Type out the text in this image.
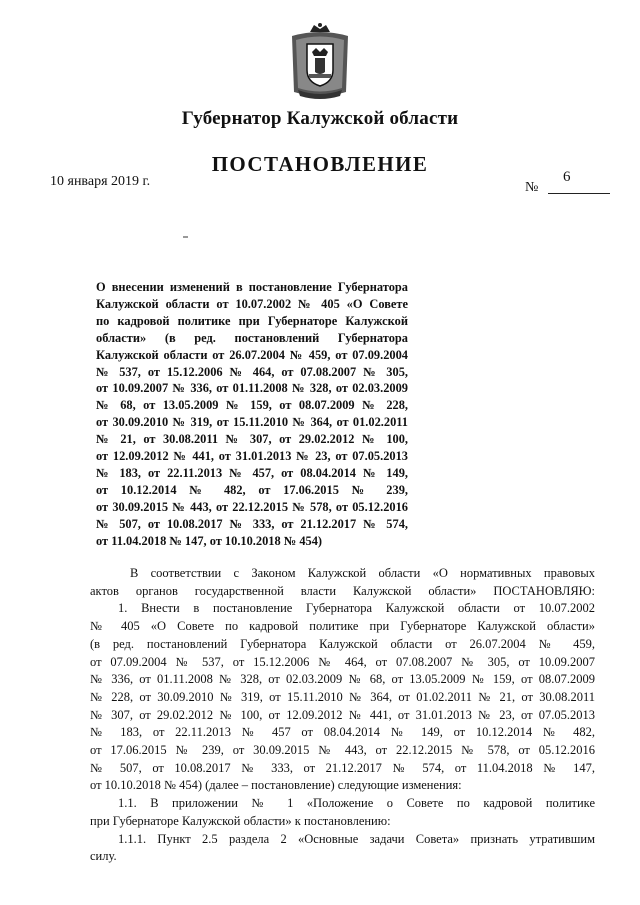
Губернатор Калужской области
ПОСТАНОВЛЕНИЕ
10 января 2019 г.	№
6
О внесении изменений в постановление Губернатора
Калужской области от 10.07.2002 № 405 «О Совете
по кадровой политике при Губернаторе Калужской
области» (в ред. постановлений Губернатора
Калужской области от 26.07.2004 № 459, от 07.09.2004
№ 537, от 15.12.2006 № 464, от 07.08.2007 № 305,
от 10.09.2007 № 336, от 01.11.2008 № 328, от 02.03.2009
№ 68, от 13.05.2009 № 159, от 08.07.2009 № 228,
от 30.09.2010 № 319, от 15.11.2010 № 364, от 01.02.2011
№ 21, от 30.08.2011 № 307, от 29.02.2012 № 100,
от 12.09.2012 № 441, от 31.01.2013 № 23, от 07.05.2013
№ 183, от 22.11.2013 № 457, от 08.04.2014 № 149,
от 10.12.2014 № 482, от 17.06.2015 № 239,
от 30.09.2015 № 443, от 22.12.2015 № 578, от 05.12.2016
№ 507, от 10.08.2017 № 333, от 21.12.2017 № 574,
от 11.04.2018 № 147, от 10.10.2018 № 454)
В соответствии с Законом Калужской области «О нормативных правовых
актов органов государственной власти Калужской области» ПОСТАНОВЛЯЮ:
1. Внести в постановление Губернатора Калужской области от 10.07.2002
№ 405 «О Совете по кадровой политике при Губернаторе Калужской области»
(в ред. постановлений Губернатора Калужской области от 26.07.2004 № 459,
от 07.09.2004 № 537, от 15.12.2006 № 464, от 07.08.2007 № 305, от 10.09.2007
№ 336, от 01.11.2008 № 328, от 02.03.2009 № 68, от 13.05.2009 № 159, от 08.07.2009
№ 228, от 30.09.2010 № 319, от 15.11.2010 № 364, от 01.02.2011 № 21, от 30.08.2011
№ 307, от 29.02.2012 № 100, от 12.09.2012 № 441, от 31.01.2013 № 23, от 07.05.2013
№ 183, от 22.11.2013 № 457 от 08.04.2014 № 149, от 10.12.2014 № 482,
от 17.06.2015 № 239, от 30.09.2015 № 443, от 22.12.2015 № 578, от 05.12.2016
№ 507, от 10.08.2017 № 333, от 21.12.2017 № 574, от 11.04.2018 № 147,
от 10.10.2018 № 454) (далее – постановление) следующие изменения:
1.1. В приложении № 1 «Положение о Совете по кадровой политике
при Губернаторе Калужской области» к постановлению:
1.1.1. Пункт 2.5 раздела 2 «Основные задачи Совета» признать утратившим
силу.
